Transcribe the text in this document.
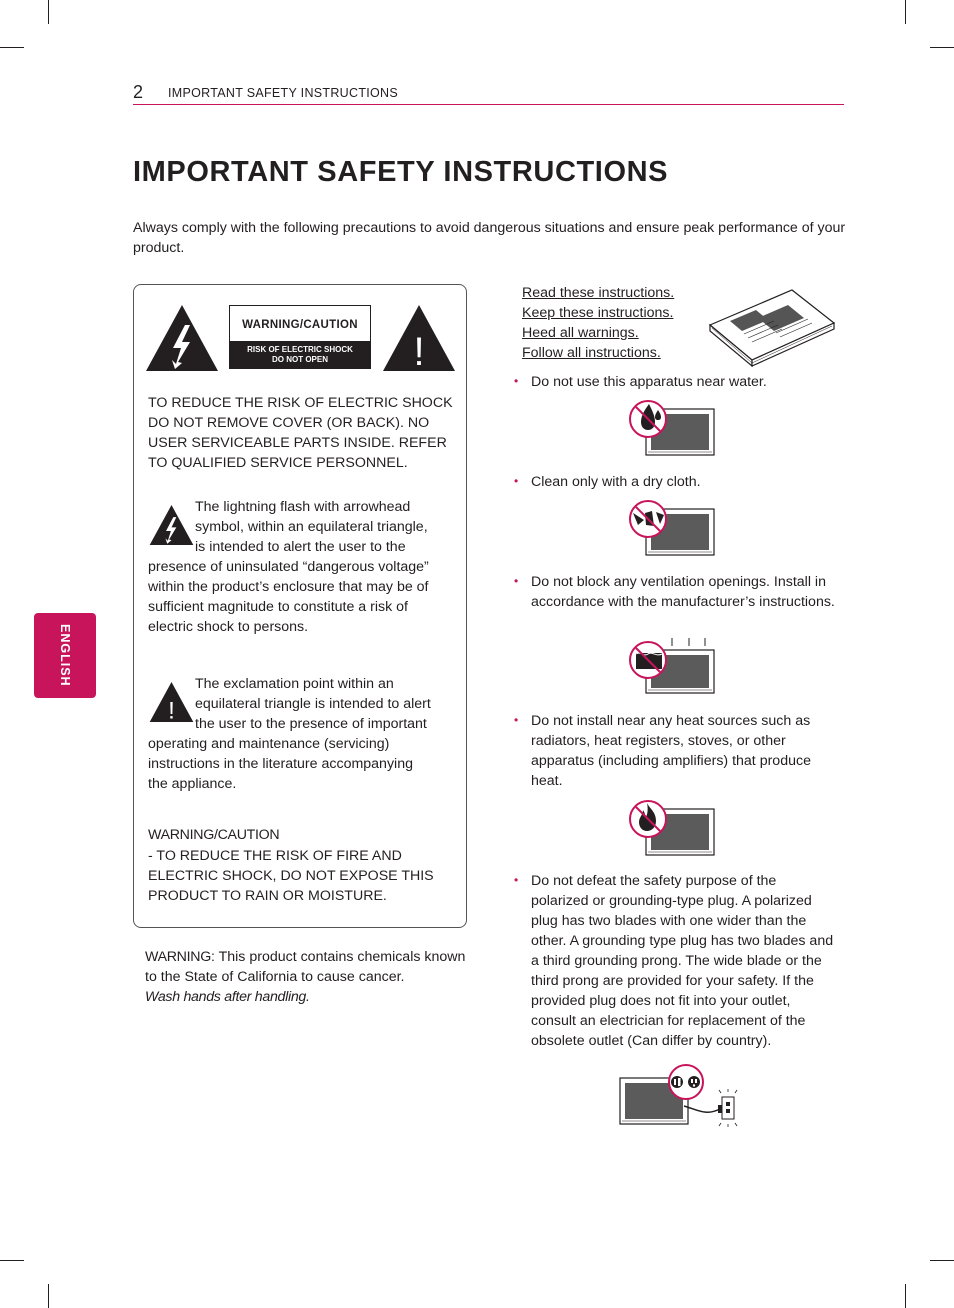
2 IMPORTANT SAFETY INSTRUCTIONS
IMPORTANT SAFETY INSTRUCTIONS
Always comply with the following precautions to avoid dangerous situations and ensure peak performance of your product.
ENGLISH
WARNING/CAUTION
RISK OF ELECTRIC SHOCK
DO NOT OPEN	!
TO REDUCE THE RISK OF ELECTRIC SHOCK DO NOT REMOVE COVER (OR BACK). NO USER SERVICEABLE PARTS INSIDE. REFER TO QUALIFIED SERVICE PERSONNEL.
The lightning flash with arrowhead
symbol, within an equilateral triangle,
is intended to alert the user to the
presence of uninsulated “dangerous voltage”
within the product’s enclosure that may be of
sufficient magnitude to constitute a risk of
electric shock to persons.
!
The exclamation point within an
equilateral triangle is intended to alert
the user to the presence of important
operating and maintenance (servicing)
instructions in the literature accompanying
the appliance.
WARNING/CAUTION
- TO REDUCE THE RISK OF FIRE AND ELECTRIC SHOCK, DO NOT EXPOSE THIS PRODUCT TO RAIN OR MOISTURE.
WARNING: This product contains chemicals known to the State of California to cause cancer.
Wash hands after handling.
Read these instructions.
Keep these instructions.
Heed all warnings.
Follow all instructions.
• Do not use this apparatus near water.
• Clean only with a dry cloth.
• Do not block any ventilation openings. Install in accordance with the manufacturer’s instructions.
• Do not install near any heat sources such as radiators, heat registers, stoves, or other apparatus (including amplifiers) that produce heat.
• Do not defeat the safety purpose of the polarized or grounding-type plug. A polarized plug has two blades with one wider than the other. A grounding type plug has two blades and a third grounding prong. The wide blade or the third prong are provided for your safety. If the provided plug does not fit into your outlet, consult an electrician for replacement of the obsolete outlet (Can differ by country).
